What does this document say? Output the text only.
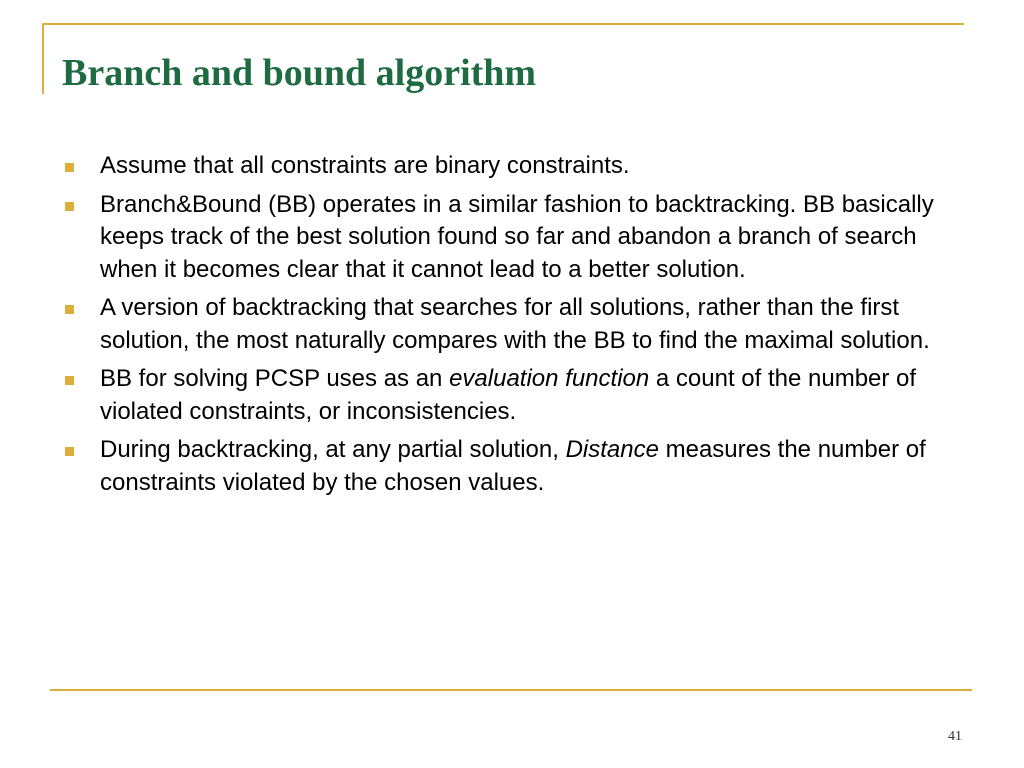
Branch and bound algorithm
Assume that all constraints are binary constraints.
Branch&Bound (BB) operates in a similar fashion to backtracking. BB basically keeps track of the best solution found so far and abandon a branch of search when it becomes clear that it cannot lead to a better solution.
A version of backtracking that searches for all solutions, rather than the first solution, the most naturally compares with the BB to find the maximal solution.
BB for solving PCSP uses as an evaluation function a count of the number of violated constraints, or inconsistencies.
During backtracking, at any partial solution, Distance measures the number of constraints violated by the chosen values.
41
